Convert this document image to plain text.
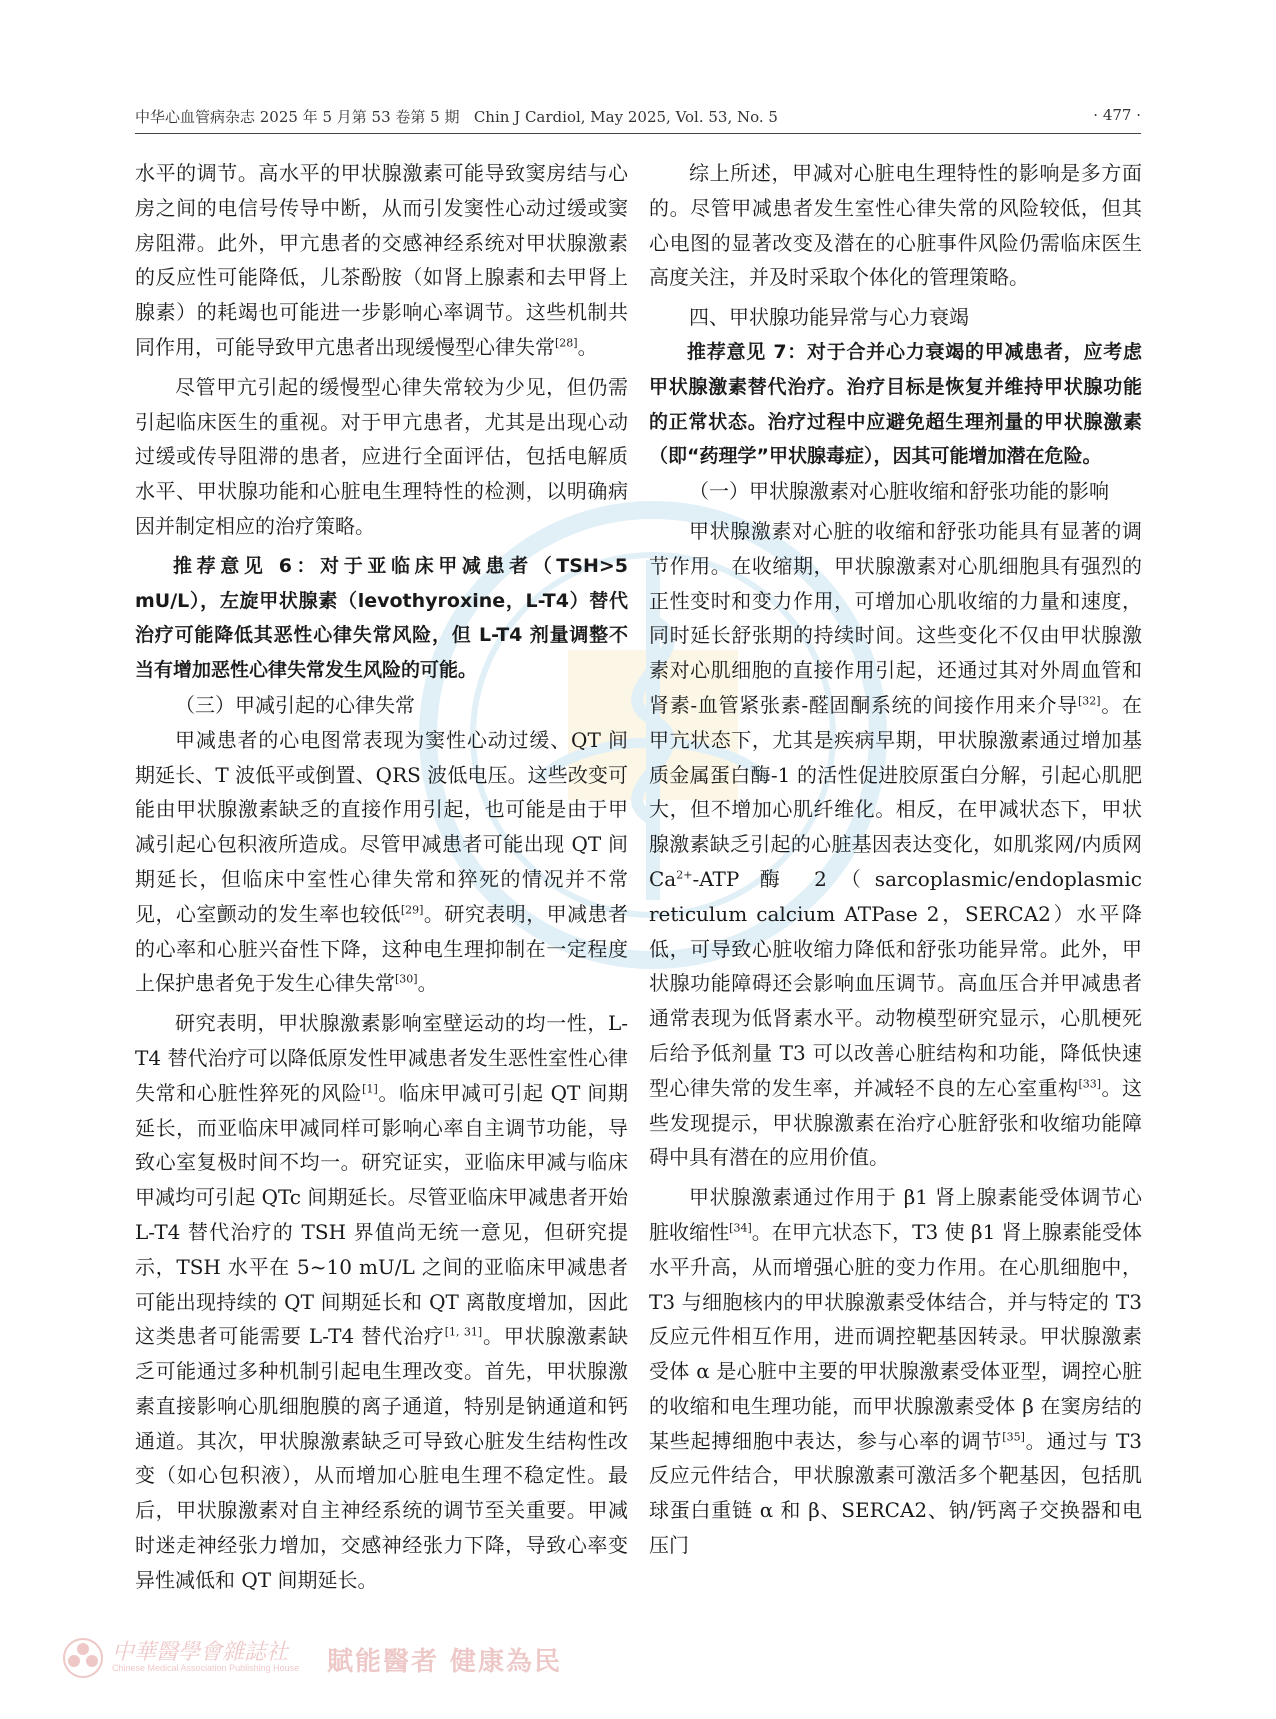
中华心血管病杂志 2025 年 5 月第 53 卷第 5 期 Chin J Cardiol, May 2025, Vol. 53, No. 5	· 477 ·

水平的调节。高水平的甲状腺激素可能导致窦房结与心房之间的电信号传导中断，从而引发窦性心动过缓或窦房阻滞。此外，甲亢患者的交感神经系统对甲状腺激素的反应性可能降低，儿茶酚胺（如肾上腺素和去甲肾上腺素）的耗竭也可能进一步影响心率调节。这些机制共同作用，可能导致甲亢患者出现缓慢型心律失常[28]。

尽管甲亢引起的缓慢型心律失常较为少见，但仍需引起临床医生的重视。对于甲亢患者，尤其是出现心动过缓或传导阻滞的患者，应进行全面评估，包括电解质水平、甲状腺功能和心脏电生理特性的检测，以明确病因并制定相应的治疗策略。

推荐意见 6：对于亚临床甲减患者（TSH>5 mU/L），左旋甲状腺素（levothyroxine，L-T4）替代治疗可能降低其恶性心律失常风险，但 L-T4 剂量调整不当有增加恶性心律失常发生风险的可能。

（三）甲减引起的心律失常

甲减患者的心电图常表现为窦性心动过缓、QT 间期延长、T 波低平或倒置、QRS 波低电压。这些改变可能由甲状腺激素缺乏的直接作用引起，也可能是由于甲减引起心包积液所造成。尽管甲减患者可能出现 QT 间期延长，但临床中室性心律失常和猝死的情况并不常见，心室颤动的发生率也较低[29]。研究表明，甲减患者的心率和心脏兴奋性下降，这种电生理抑制在一定程度上保护患者免于发生心律失常[30]。

研究表明，甲状腺激素影响室壁运动的均一性，L-T4 替代治疗可以降低原发性甲减患者发生恶性室性心律失常和心脏性猝死的风险[1]。临床甲减可引起 QT 间期延长，而亚临床甲减同样可影响心率自主调节功能，导致心室复极时间不均一。研究证实，亚临床甲减与临床甲减均可引起 QTc 间期延长。尽管亚临床甲减患者开始 L-T4 替代治疗的 TSH 界值尚无统一意见，但研究提示，TSH 水平在 5~10 mU/L 之间的亚临床甲减患者可能出现持续的 QT 间期延长和 QT 离散度增加，因此这类患者可能需要 L-T4 替代治疗[1, 31]。甲状腺激素缺乏可能通过多种机制引起电生理改变。首先，甲状腺激素直接影响心肌细胞膜的离子通道，特别是钠通道和钙通道。其次，甲状腺激素缺乏可导致心脏发生结构性改变（如心包积液），从而增加心脏电生理不稳定性。最后，甲状腺激素对自主神经系统的调节至关重要。甲减时迷走神经张力增加，交感神经张力下降，导致心率变异性减低和 QT 间期延长。

综上所述，甲减对心脏电生理特性的影响是多方面的。尽管甲减患者发生室性心律失常的风险较低，但其心电图的显著改变及潜在的心脏事件风险仍需临床医生高度关注，并及时采取个体化的管理策略。

四、甲状腺功能异常与心力衰竭

推荐意见 7：对于合并心力衰竭的甲减患者，应考虑甲状腺激素替代治疗。治疗目标是恢复并维持甲状腺功能的正常状态。治疗过程中应避免超生理剂量的甲状腺激素（即“药理学”甲状腺毒症），因其可能增加潜在危险。

（一）甲状腺激素对心脏收缩和舒张功能的影响

甲状腺激素对心脏的收缩和舒张功能具有显著的调节作用。在收缩期，甲状腺激素对心肌细胞具有强烈的正性变时和变力作用，可增加心肌收缩的力量和速度，同时延长舒张期的持续时间。这些变化不仅由甲状腺激素对心肌细胞的直接作用引起，还通过其对外周血管和肾素-血管紧张素-醛固酮系统的间接作用来介导[32]。在甲亢状态下，尤其是疾病早期，甲状腺激素通过增加基质金属蛋白酶-1 的活性促进胶原蛋白分解，引起心肌肥大，但不增加心肌纤维化。相反，在甲减状态下，甲状腺激素缺乏引起的心脏基因表达变化，如肌浆网/内质网 $Ca^{2+}$-ATP 酶 2（sarcoplasmic/endoplasmic reticulum calcium ATPase 2，SERCA2）水平降低，可导致心脏收缩力降低和舒张功能异常。此外，甲状腺功能障碍还会影响血压调节。高血压合并甲减患者通常表现为低肾素水平。动物模型研究显示，心肌梗死后给予低剂量 T3 可以改善心脏结构和功能，降低快速型心律失常的发生率，并减轻不良的左心室重构[33]。这些发现提示，甲状腺激素在治疗心脏舒张和收缩功能障碍中具有潜在的应用价值。

甲状腺激素通过作用于 β1 肾上腺素能受体调节心脏收缩性[34]。在甲亢状态下，T3 使 β1 肾上腺素能受体水平升高，从而增强心脏的变力作用。在心肌细胞中，T3 与细胞核内的甲状腺激素受体结合，并与特定的 T3 反应元件相互作用，进而调控靶基因转录。甲状腺激素受体 α 是心脏中主要的甲状腺激素受体亚型，调控心脏的收缩和电生理功能，而甲状腺激素受体 β 在窦房结的某些起搏细胞中表达，参与心率的调节[35]。通过与 T3 反应元件结合，甲状腺激素可激活多个靶基因，包括肌球蛋白重链 α 和 β、SERCA2、钠/钙离子交换器和电压门

中華醫學會雜誌社
Chinese Medical Association Publishing House 賦能醫者 健康為民
